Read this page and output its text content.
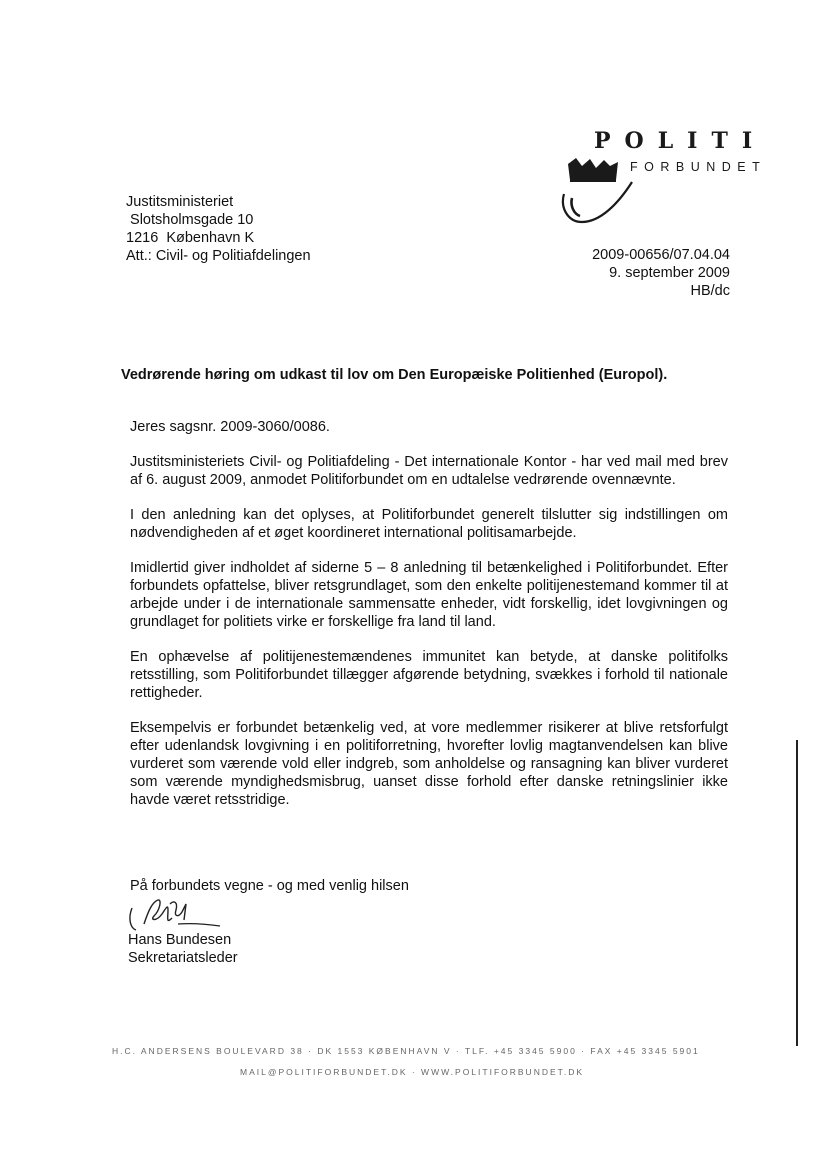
POLITI
FORBUNDET
Justitsministeriet
Slotsholmsgade 10
1216  København K
Att.: Civil- og Politiafdelingen	2009-00656/07.04.04
9. september 2009
HB/dc
Vedrørende høring om udkast til lov om Den Europæiske Politienhed (Europol).

Jeres sagsnr. 2009-3060/0086.

Justitsministeriets Civil- og Politiafdeling - Det internationale Kontor - har ved mail med brev af 6. august 2009, anmodet Politiforbundet om en udtalelse vedrørende ovennævnte.

I den anledning kan det oplyses, at Politiforbundet generelt tilslutter sig indstillingen om nødvendigheden af et øget koordineret international politisamarbejde.

Imidlertid giver indholdet af siderne 5 – 8 anledning til betænkelighed i Politiforbundet. Efter forbundets opfattelse, bliver retsgrundlaget, som den enkelte politijenestemand kommer til at arbejde under i de internationale sammensatte enheder, vidt forskellig, idet lovgivningen og grundlaget for politiets virke er forskellige fra land til land.

En ophævelse af politijenestemændenes immunitet kan betyde, at danske politifolks retsstilling, som Politiforbundet tillægger afgørende betydning, svækkes i forhold til nationale rettigheder.

Eksempelvis er forbundet betænkelig ved, at vore medlemmer risikerer at blive retsforfulgt efter udenlandsk lovgivning i en politiforretning, hvorefter lovlig magtanvendelsen kan blive vurderet som værende vold eller indgreb, som anholdelse og ransagning kan bliver vurderet som værende myndighedsmisbrug, uanset disse forhold efter danske retningslinier ikke havde været retsstridige.

På forbundets vegne - og med venlig hilsen
Hans Bundesen
Sekretariatsleder
H.C. ANDERSENS BOULEVARD 38 · DK 1553 KØBENHAVN V · TLF. +45 3345 5900 · FAX +45 3345 5901
MAIL@POLITIFORBUNDET.DK · WWW.POLITIFORBUNDET.DK
